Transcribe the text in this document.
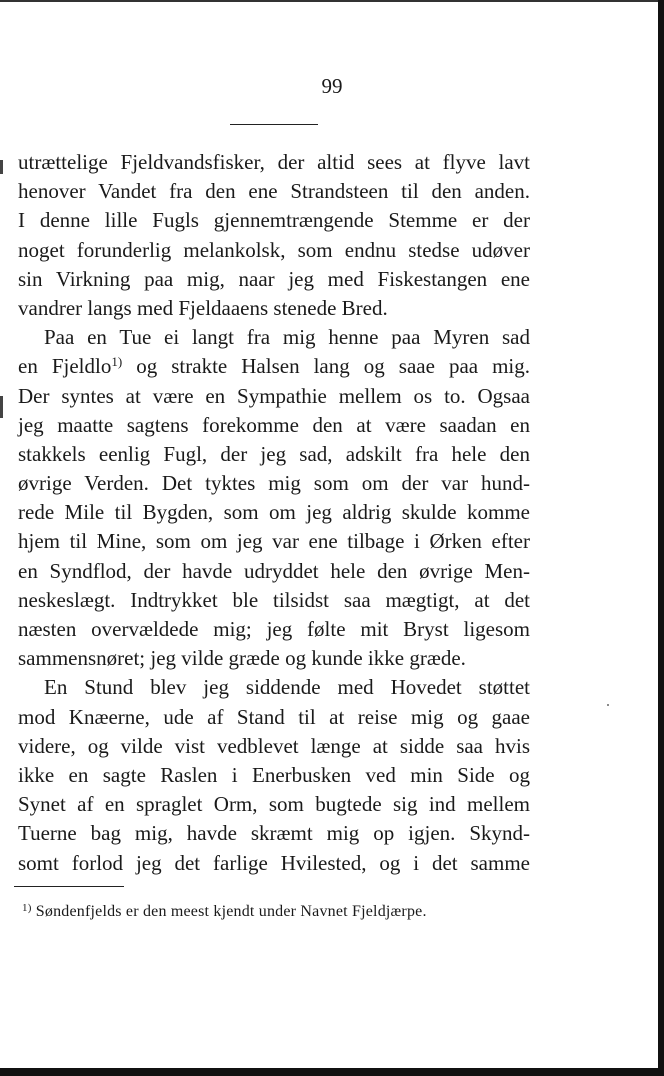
99
utrættelige Fjeldvandsfisker, der altid sees at flyve lavt
henover Vandet fra den ene Strandsteen til den anden.
I denne lille Fugls gjennemtrængende Stemme er der
noget forunderlig melankolsk, som endnu stedse udøver
sin Virkning paa mig, naar jeg med Fiskestangen ene
vandrer langs med Fjeldaaens stenede Bred.
Paa en Tue ei langt fra mig henne paa Myren sad
en Fjeldlo$^{1)}$ og strakte Halsen lang og saae paa mig.
Der syntes at være en Sympathie mellem os to. Ogsaa
jeg maatte sagtens forekomme den at være saadan en
stakkels eenlig Fugl, der jeg sad, adskilt fra hele den
øvrige Verden. Det tyktes mig som om der var hund-
rede Mile til Bygden, som om jeg aldrig skulde komme
hjem til Mine, som om jeg var ene tilbage i Ørken efter
en Syndflod, der havde udryddet hele den øvrige Men-
neskeslægt. Indtrykket ble tilsidst saa mægtigt, at det
næsten overvældede mig; jeg følte mit Bryst ligesom
sammensnøret; jeg vilde græde og kunde ikke græde.
En Stund blev jeg siddende med Hovedet støttet
mod Knæerne, ude af Stand til at reise mig og gaae
videre, og vilde vist vedblevet længe at sidde saa hvis
ikke en sagte Raslen i Enerbusken ved min Side og
Synet af en spraglet Orm, som bugtede sig ind mellem
Tuerne bag mig, havde skræmt mig op igjen. Skynd-
somt forlod jeg det farlige Hvilested, og i det samme
$^{1)}$ Søndenfjelds er den meest kjendt under Navnet Fjeldjærpe.
